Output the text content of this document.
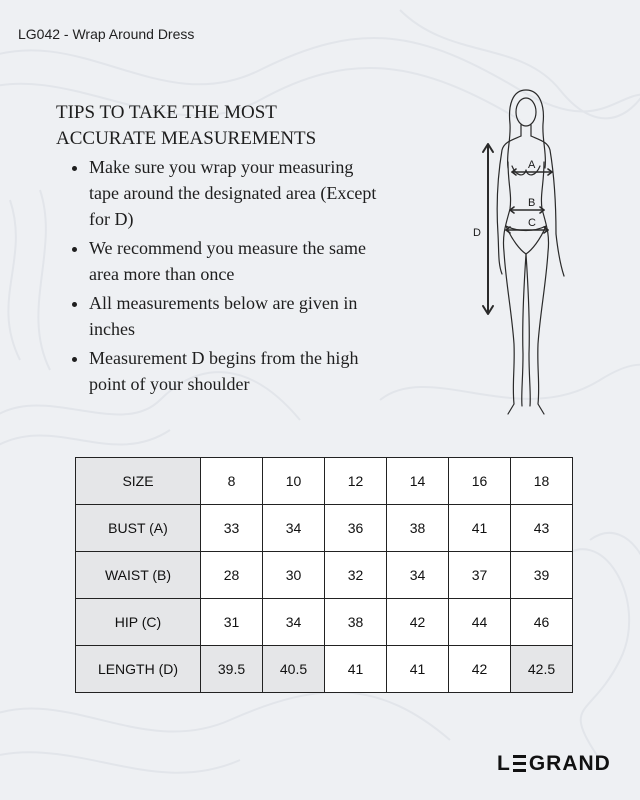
LG042 - Wrap Around Dress
TIPS TO TAKE THE MOST
ACCURATE MEASUREMENTS
• Make sure you wrap your measuring tape around the designated area (Except for D)
• We recommend you measure the same area more than once
• All measurements below are given in inches
• Measurement D begins from the high point of your shoulder
A
B
C
D
SIZE	8	10	12	14	16	18
BUST (A)	33	34	36	38	41	43
WAIST (B)	28	30	32	34	37	39
HIP (C)	31	34	38	42	44	46
LENGTH (D)	39.5	40.5	41	41	42	42.5
L GRAND
